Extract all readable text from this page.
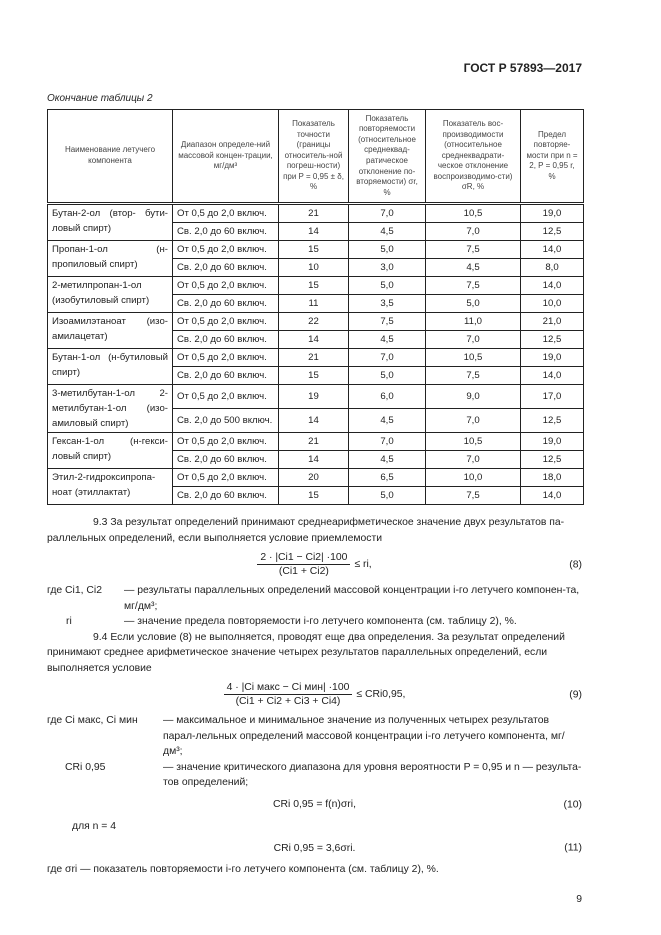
ГОСТ Р 57893—2017
Окончание таблицы 2
Наименование летучего компонента	Диапазон определе-ний массовой концен-трации, мг/дм³	Показатель точности (границы относитель-ной погреш-ности) при P = 0,95 ± δ, %	Показатель повторяемости (относительное среднеквад-ратическое отклонение по-вторяемости) σr, %	Показатель вос-производимости (относительное среднеквадрати-ческое отклонение воспроизводимо-сти) σR, %	Предел повторяе-мости при n = 2, P = 0,95 r, %
Бутан-2-ол (втор- бути-ловый спирт)	От 0,5 до 2,0 включ.	21	7,0	10,5	19,0
	Св. 2,0 до 60 включ.	14	4,5	7,0	12,5
Пропан-1-ол (н-пропиловый спирт)	От 0,5 до 2,0 включ.	15	5,0	7,5	14,0
	Св. 2,0 до 60 включ.	10	3,0	4,5	8,0
2-метилпропан-1-ол (изобутиловый спирт)	От 0,5 до 2,0 включ.	15	5,0	7,5	14,0
	Св. 2,0 до 60 включ.	11	3,5	5,0	10,0
Изоамилэтаноат (изо-амилацетат)	От 0,5 до 2,0 включ.	22	7,5	11,0	21,0
	Св. 2,0 до 60 включ.	14	4,5	7,0	12,5
Бутан-1-ол (н-бутиловый спирт)	От 0,5 до 2,0 включ.	21	7,0	10,5	19,0
	Св. 2,0 до 60 включ.	15	5,0	7,5	14,0
3-метилбутан-1-ол 2- метилбутан-1-ол (изо-амиловый спирт)	От 0,5 до 2,0 включ.	19	6,0	9,0	17,0
	Св. 2,0 до 500 включ.	14	4,5	7,0	12,5
Гексан-1-ол (н-гекси-ловый спирт)	От 0,5 до 2,0 включ.	21	7,0	10,5	19,0
	Св. 2,0 до 60 включ.	14	4,5	7,0	12,5
Этил-2-гидроксипропа-ноат (этиллактат)	От 0,5 до 2,0 включ.	20	6,5	10,0	18,0
	Св. 2,0 до 60 включ.	15	5,0	7,5	14,0
9.3 За результат определений принимают среднеарифметическое значение двух результатов па-раллельных определений, если выполняется условие приемлемости
$\frac{2 \cdot |Ci1 - Ci2| \cdot 100}{(Ci1 + Ci2)}$ ≤ ri,	(8)
где Ci1, Ci2	— результаты параллельных определений массовой концентрации i-го летучего компонен-та, мг/дм³;
ri	— значение предела повторяемости i-го летучего компонента (см. таблицу 2), %.
9.4 Если условие (8) не выполняется, проводят еще два определения. За результат определений принимают среднее арифметическое значение четырех результатов параллельных определений, если выполняется условие
$\frac{\text{4 · |Ci макс − Ci мин| ·100}}{(Ci1 + Ci2 + Ci3 + Ci4)} \le CRi0,95$,	(9)
где Ci макс, Ci мин	— максимальное и минимальное значение из полученных четырех результатов парал-лельных определений массовой концентрации i-го летучего компонента, мг/дм³;
CRi 0,95	— значение критического диапазона для уровня вероятности P = 0,95 и n — результа-тов определений;
CRi 0,95 = f(n)σri,	(10)
для n = 4
CRi 0,95 = 3,6σri.	(11)
где σri — показатель повторяемости i-го летучего компонента (см. таблицу 2), %.
9
